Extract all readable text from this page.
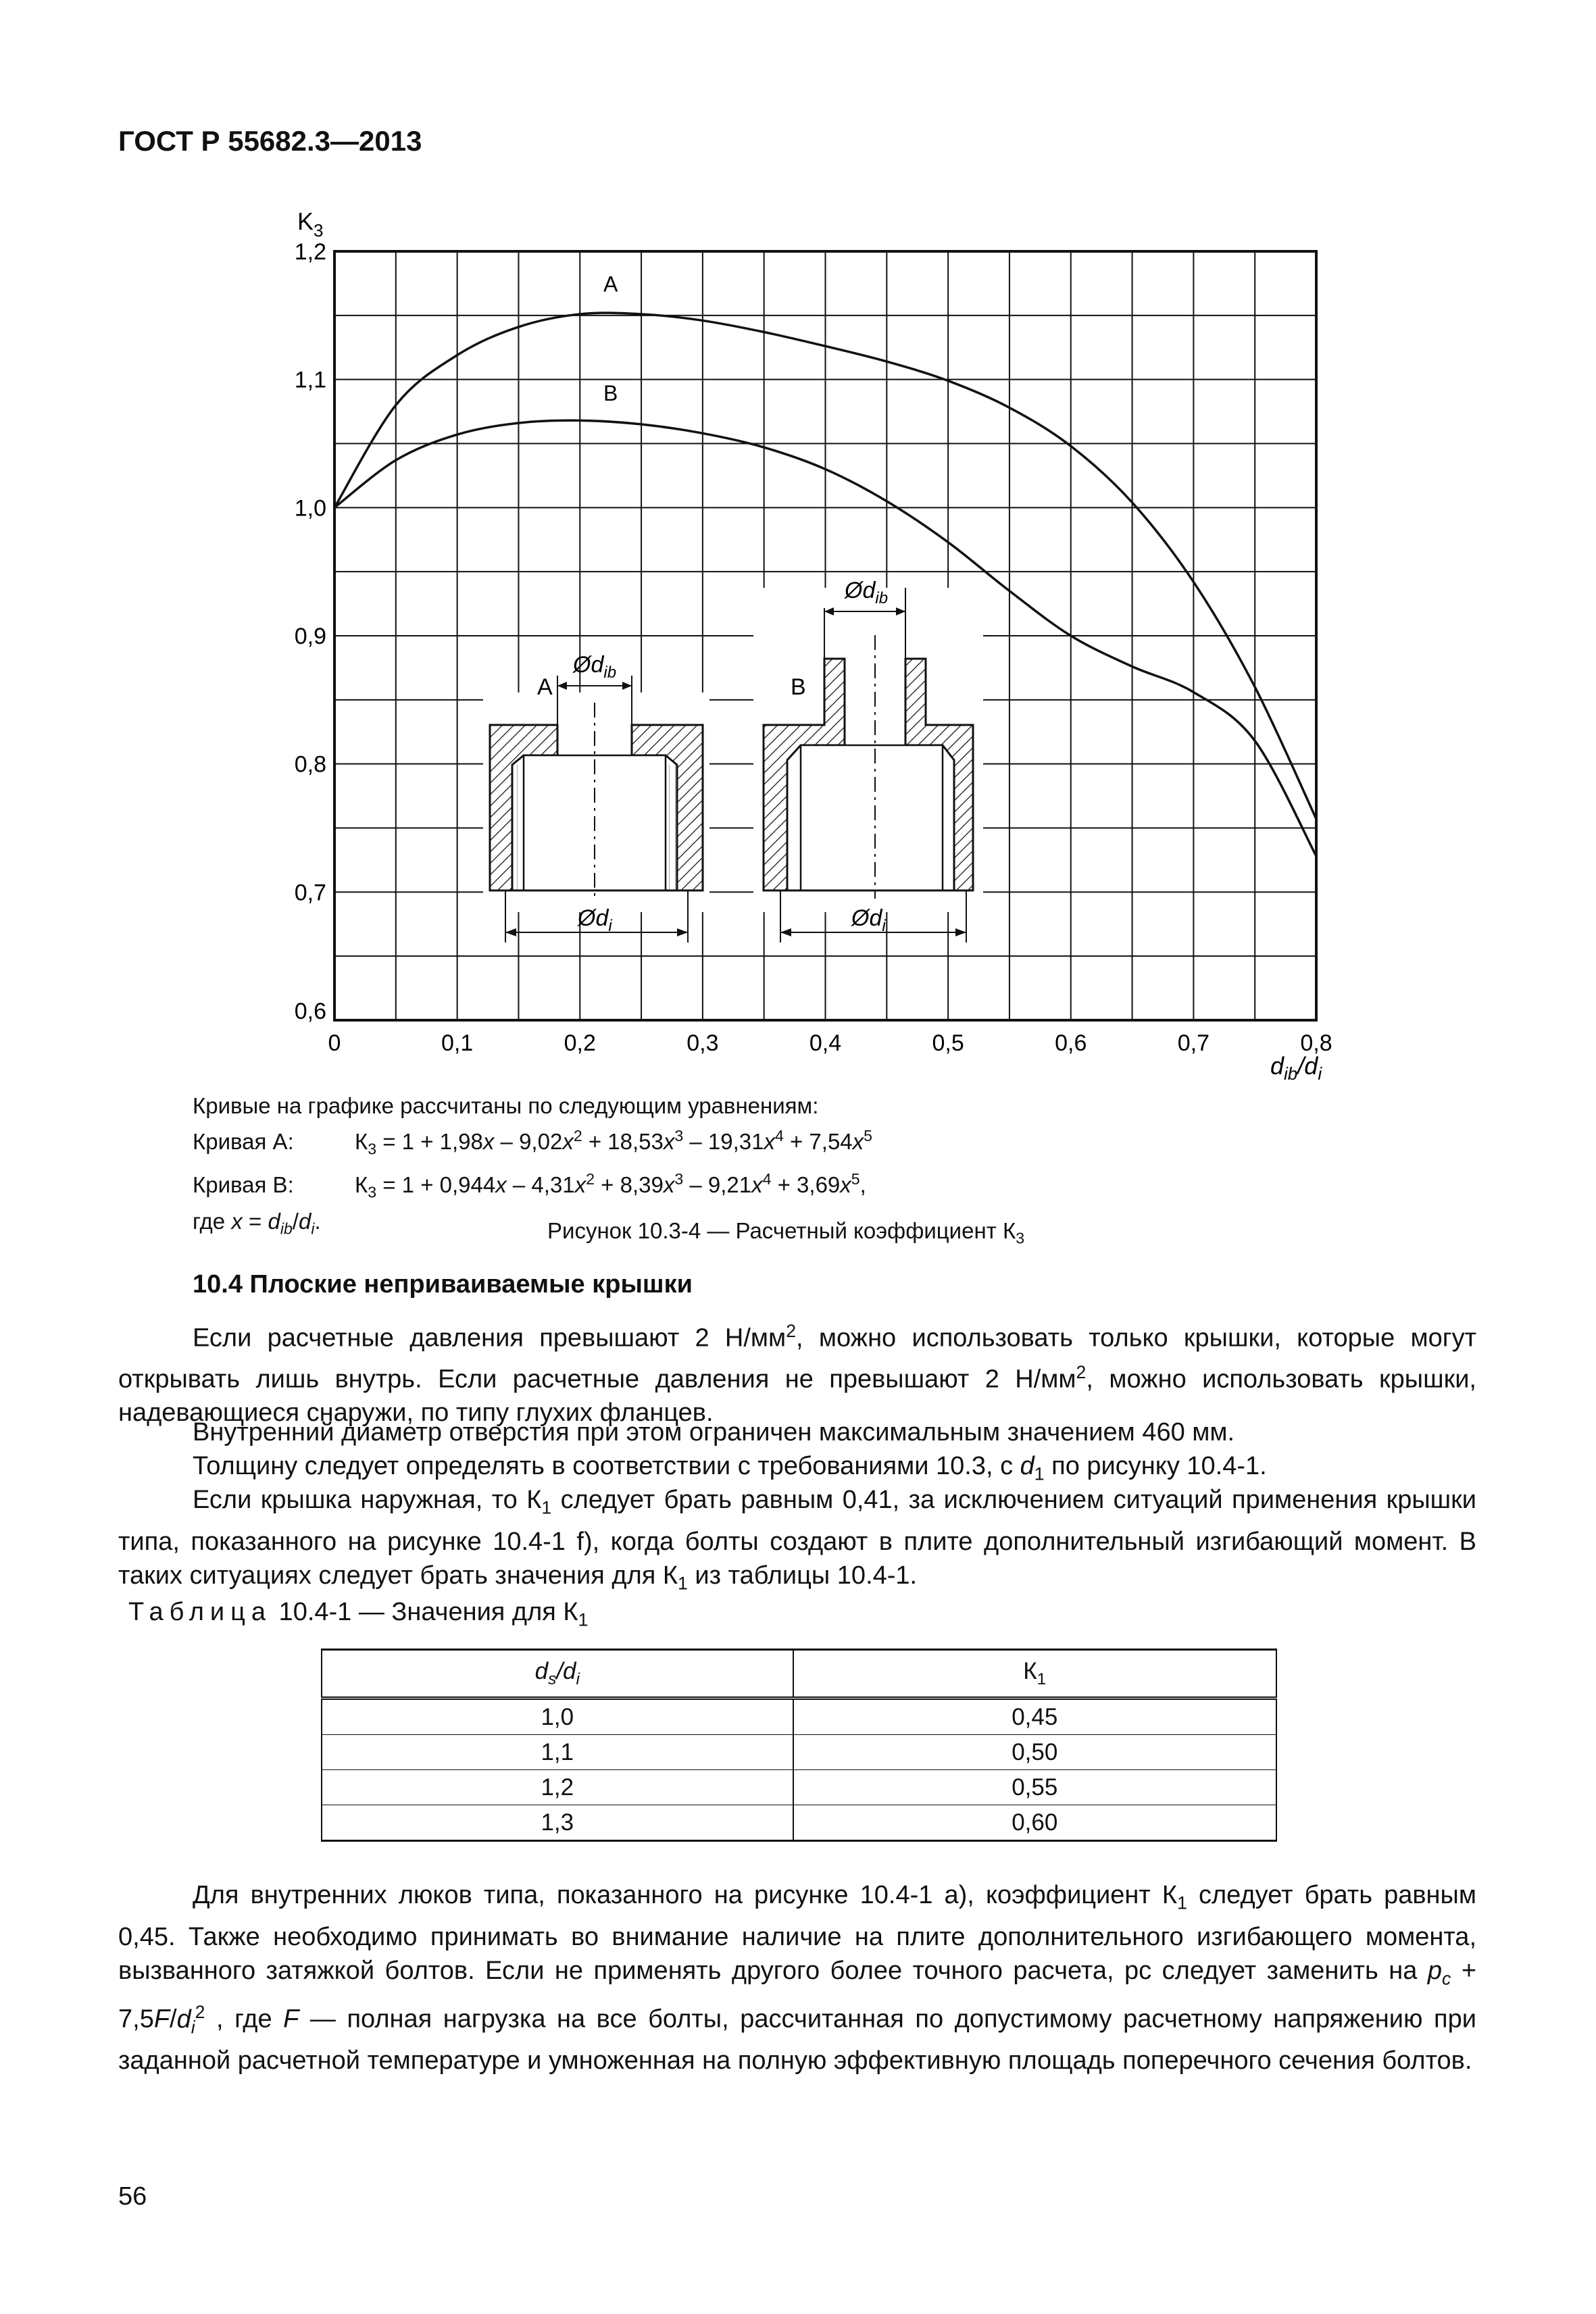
ГОСТ Р 55682.3—2013
0	0,1	0,2	0,3	0,4	0,5	0,6	0,7	0,8
0,6
0,7
0,8
0,9
1,0
1,1
1,2
A
B
A
$Ød_{ib}$
$Ød_i$
B
$Ød_{ib}$
$Ød_i$
$K_3$
$d_{ib}/d_i$
Кривые на графике рассчитаны по следующим уравнениям:
Кривая А:	$К_3 = 1 + 1,98x - 9,02x^2 + 18,53x^3 - 19,31x^4 + 7,54x^5$
Кривая В:	$К_3 = 1 + 0,944x - 4,31x^2 + 8,39x^3 - 9,21x^4 + 3,69x^5$,
где $x = d_{ib}/d_i$.	Рисунок 10.3-4 — Расчетный коэффициент $К_3$
10.4 Плоские неприваиваемые крышки

Если расчетные давления превышают 2 $Н/мм^2$, можно использовать только крышки, которые могут открывать лишь внутрь. Если расчетные давления не превышают 2 $Н/мм^2$, можно использовать крышки, надевающиеся снаружи, по типу глухих фланцев.

Внутренний диаметр отверстия при этом ограничен максимальным значением 460 мм.

Толщину следует определять в соответствии с требованиями 10.3, с $d_1$ по рисунку 10.4-1.

Если крышка наружная, то $К_1$ следует брать равным 0,41, за исключением ситуаций применения крышки типа, показанного на рисунке 10.4-1 f), когда болты создают в плите дополнительный изгибающий момент. В таких ситуациях следует брать значения для $К_1$ из таблицы 10.4-1.

Таблица 10.4-1 — Значения для $К_1$
$d_s/d_i$	$К_1$
1,0	0,45
1,1	0,50
1,2	0,55
1,3	0,60

Для внутренних люков типа, показанного на рисунке 10.4-1 а), коэффициент $К_1$ следует брать равным 0,45. Также необходимо принимать во внимание наличие на плите дополнительного изгибающего момента, вызванного затяжкой болтов. Если не применять другого более точного расчета, pc следует заменить на $p_c + 7,5F/d_i^2$ , где F — полная нагрузка на все болты, рассчитанная по допустимому расчетному напряжению при заданной расчетной температуре и умноженная на полную эффективную площадь поперечного сечения болтов.

56
